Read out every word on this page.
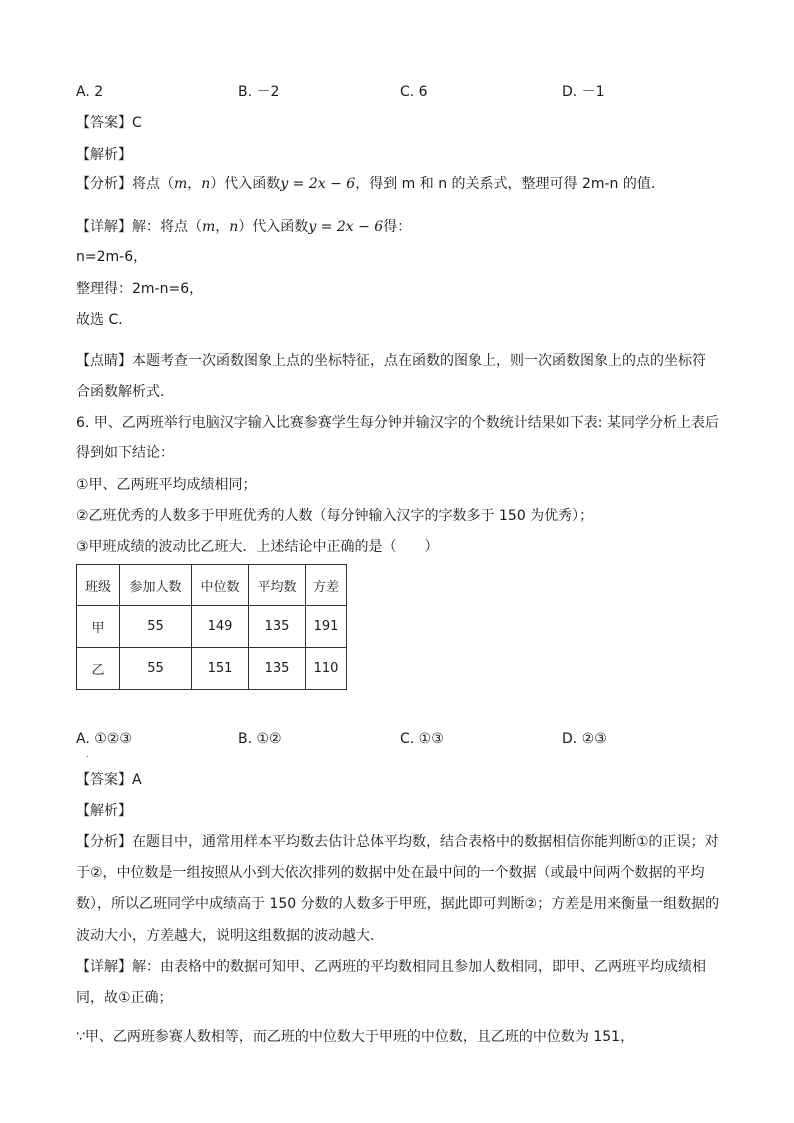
A. 2	B. －2	C. 6	D. －1
【答案】C
【解析】
【分析】将点（m，n）代入函数y = 2x − 6，得到 m 和 n 的关系式，整理可得 2m-n 的值．
【详解】解：将点（m，n）代入函数y = 2x − 6得：
n=2m-6，
整理得：2m-n=6，
故选 C．
【点睛】本题考查一次函数图象上点的坐标特征，点在函数的图象上，则一次函数图象上的点的坐标符
合函数解析式．
6. 甲、乙两班举行电脑汉字输入比赛参赛学生每分钟并输汉字的个数统计结果如下表: 某同学分析上表后
得到如下结论：
①甲、乙两班平均成绩相同；
②乙班优秀的人数多于甲班优秀的人数（每分钟输入汉字的字数多于 150 为优秀）；
③甲班成绩的波动比乙班大．上述结论中正确的是（　　）
班级	参加人数	中位数	平均数	方差
甲	55	149	135	191
乙	55	151	135	110
A. ①②③	B. ①②	C. ①③	D. ②③
.
【答案】A
【解析】
【分析】在题目中，通常用样本平均数去估计总体平均数，结合表格中的数据相信你能判断①的正误；对
于②，中位数是一组按照从小到大依次排列的数据中处在最中间的一个数据（或最中间两个数据的平均
数），所以乙班同学中成绩高于 150 分数的人数多于甲班，据此即可判断②；方差是用来衡量一组数据的
波动大小，方差越大，说明这组数据的波动越大．
【详解】解：由表格中的数据可知甲、乙两班的平均数相同且参加人数相同，即甲、乙两班平均成绩相
同，故①正确；
∵甲、乙两班参赛人数相等，而乙班的中位数大于甲班的中位数，且乙班的中位数为 151，
